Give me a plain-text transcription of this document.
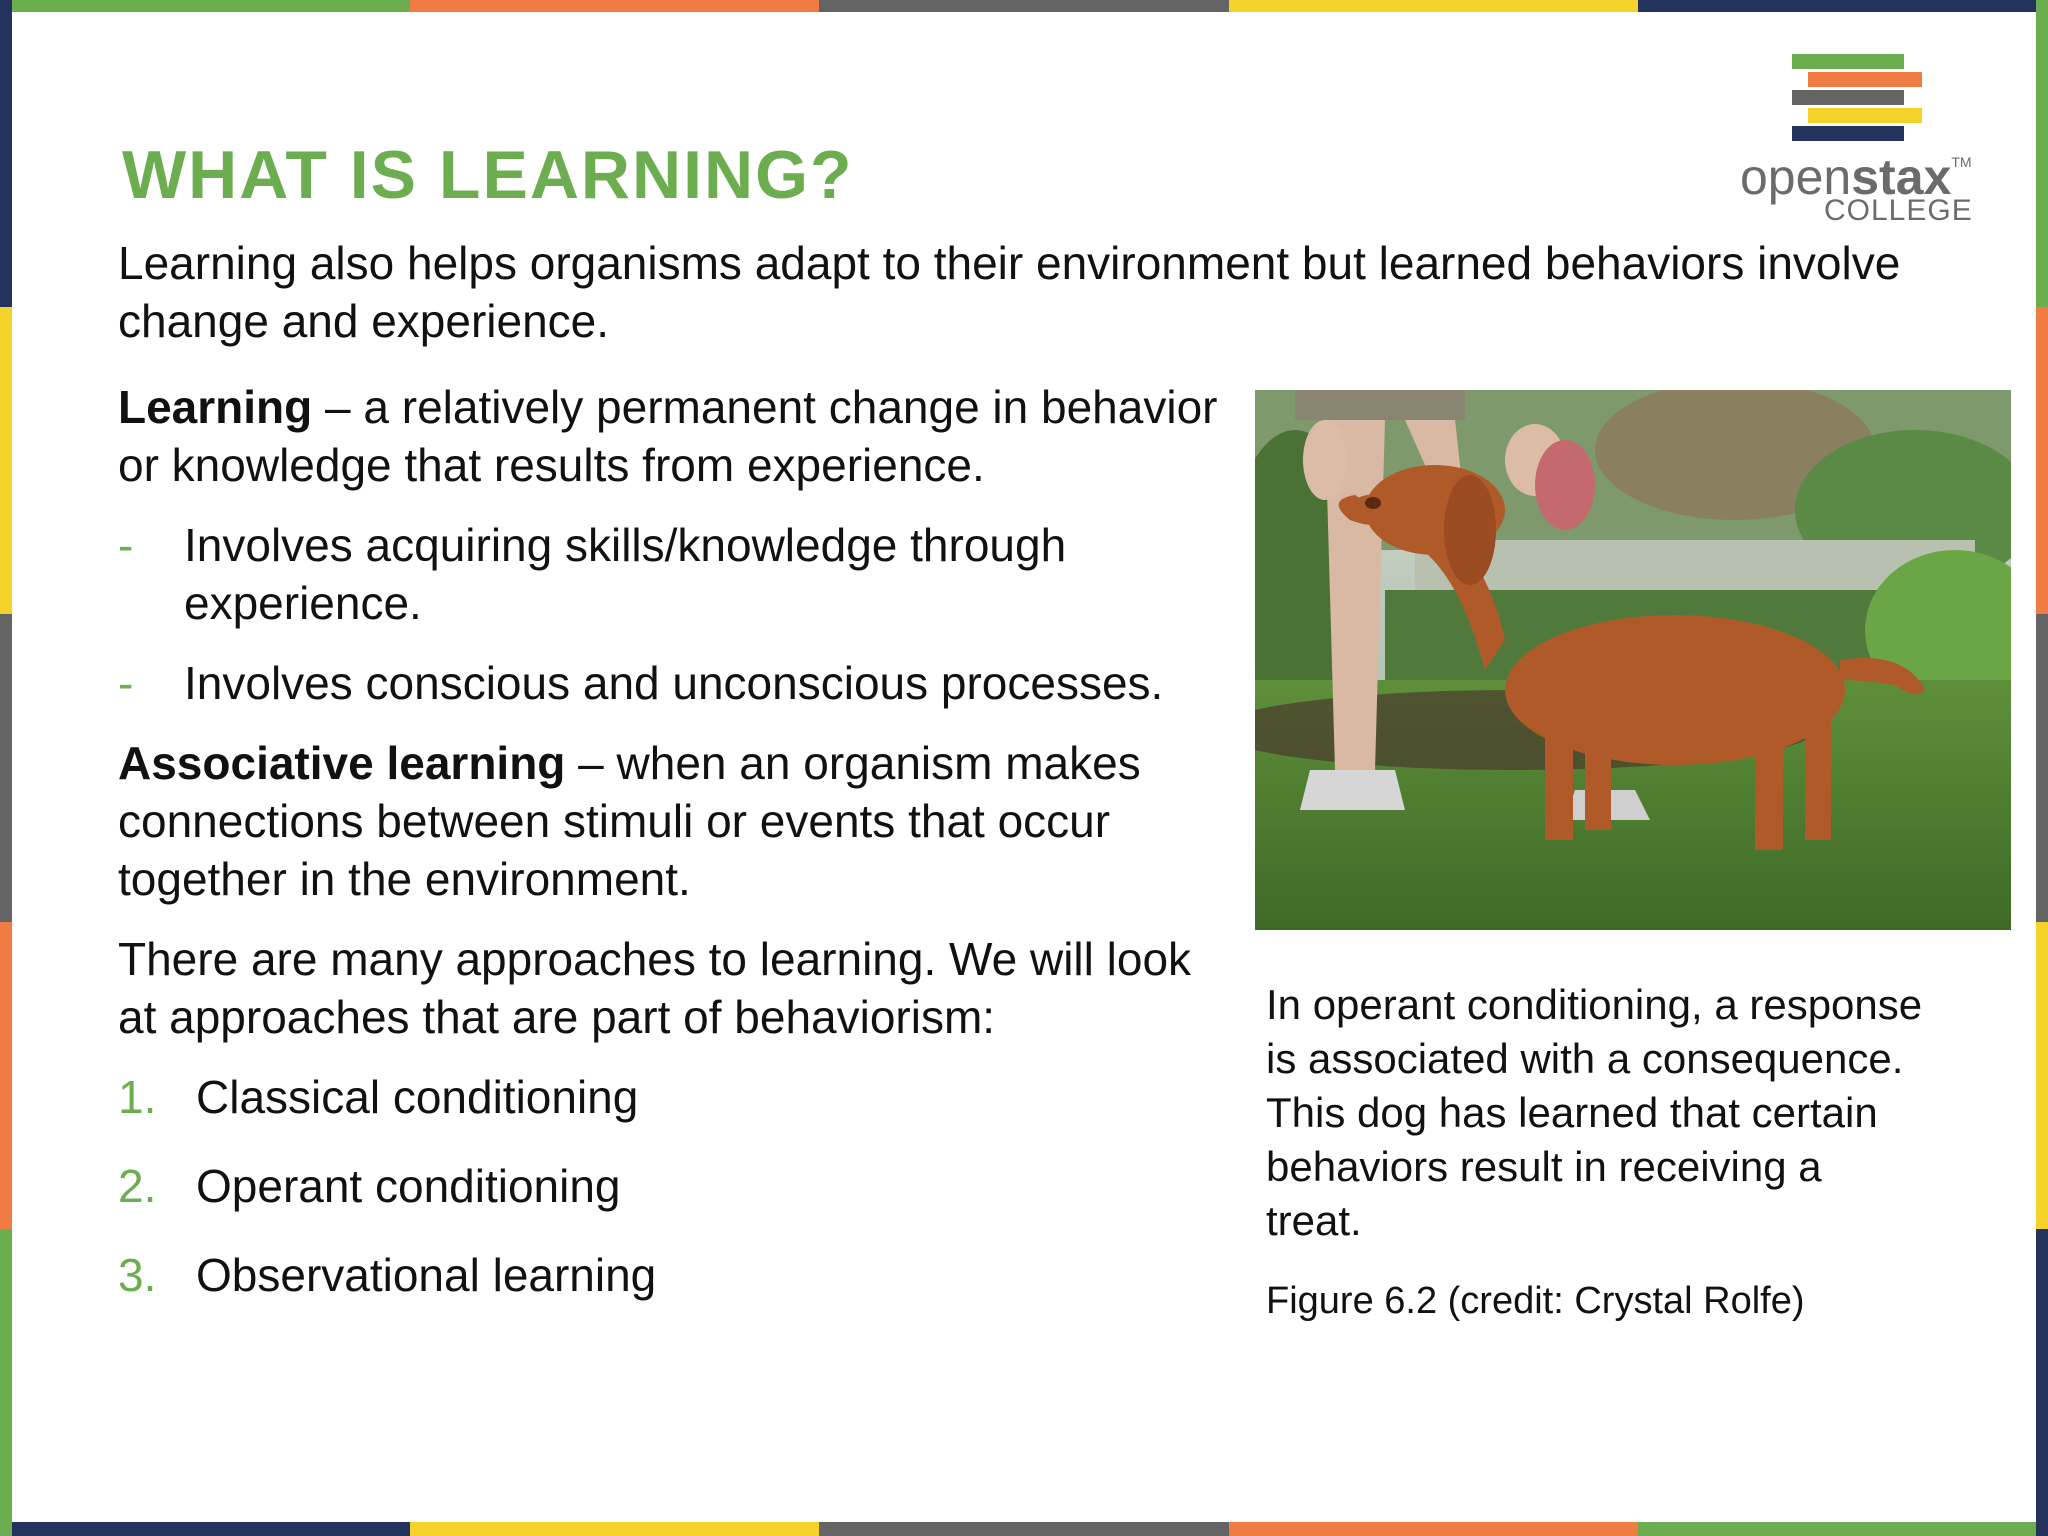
WHAT IS LEARNING?	openstax™
COLLEGE
Learning also helps organisms adapt to their environment but learned behaviors involve change and experience.

Learning – a relatively permanent change in behavior or knowledge that results from experience.

- Involves acquiring skills/knowledge through experience.
- Involves conscious and unconscious processes.

Associative learning – when an organism makes connections between stimuli or events that occur together in the environment.

There are many approaches to learning. We will look at approaches that are part of behaviorism:

1. Classical conditioning
2. Operant conditioning
3. Observational learning
In operant conditioning, a response is associated with a consequence. This dog has learned that certain behaviors result in receiving a treat.
Figure 6.2 (credit: Crystal Rolfe)
